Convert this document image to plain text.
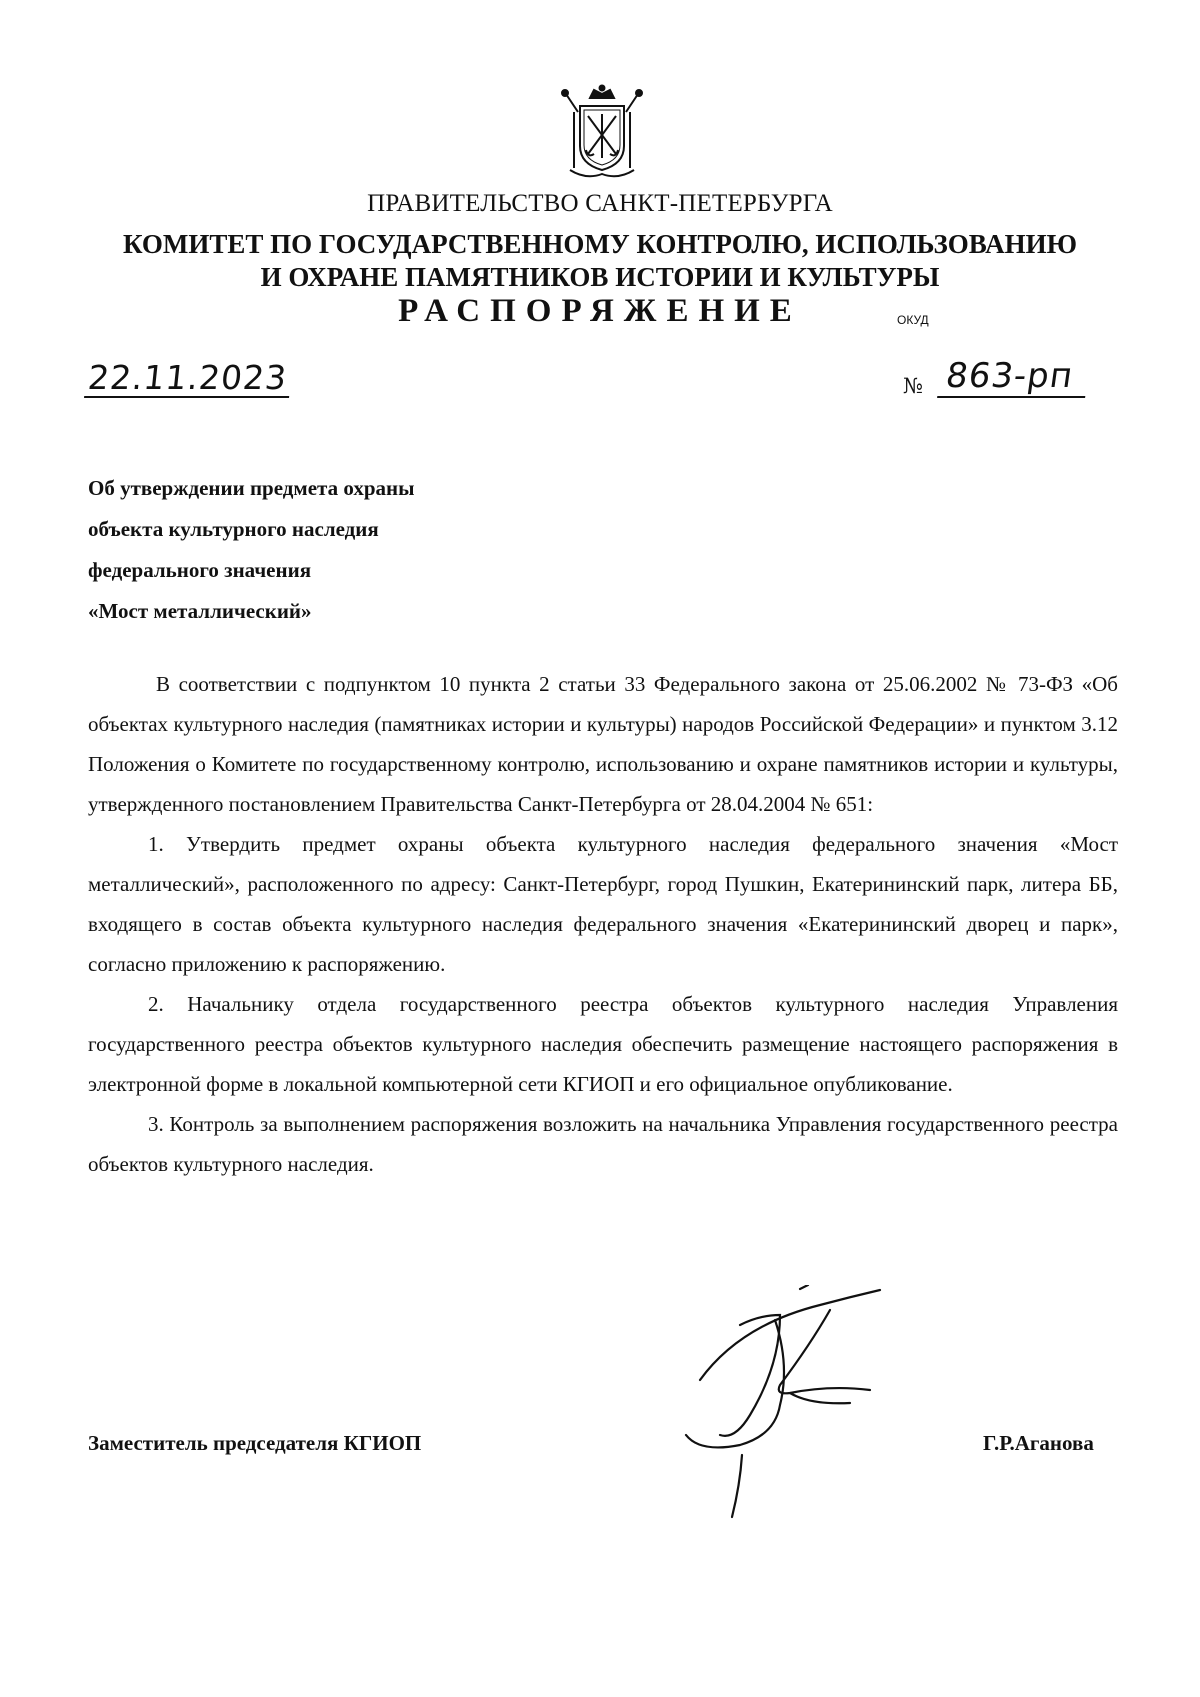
ПРАВИТЕЛЬСТВО САНКТ-ПЕТЕРБУРГА
КОМИТЕТ ПО ГОСУДАРСТВЕННОМУ КОНТРОЛЮ, ИСПОЛЬЗОВАНИЮ
И ОХРАНЕ ПАМЯТНИКОВ ИСТОРИИ И КУЛЬТУРЫ
РАСПОРЯЖЕНИЕ	ОКУД
22.11.2023	№ 863-рп
Об утверждении предмета охраны
объекта культурного наследия
федерального значения
«Мост металлический»

В соответствии с подпунктом 10 пункта 2 статьи 33 Федерального закона от 25.06.2002 № 73-ФЗ «Об объектах культурного наследия (памятниках истории и культуры) народов Российской Федерации» и пунктом 3.12 Положения о Комитете по государственному контролю, использованию и охране памятников истории и культуры, утвержденного постановлением Правительства Санкт-Петербурга от 28.04.2004 № 651:

1. Утвердить предмет охраны объекта культурного наследия федерального значения «Мост металлический», расположенного по адресу: Санкт-Петербург, город Пушкин, Екатерининский парк, литера ББ, входящего в состав объекта культурного наследия федерального значения «Екатерининский дворец и парк», согласно приложению к распоряжению.

2. Начальнику отдела государственного реестра объектов культурного наследия Управления государственного реестра объектов культурного наследия обеспечить размещение настоящего распоряжения в электронной форме в локальной компьютерной сети КГИОП и его официальное опубликование.

3. Контроль за выполнением распоряжения возложить на начальника Управления государственного реестра объектов культурного наследия.

Заместитель председателя КГИОП	Г.Р.Аганова
